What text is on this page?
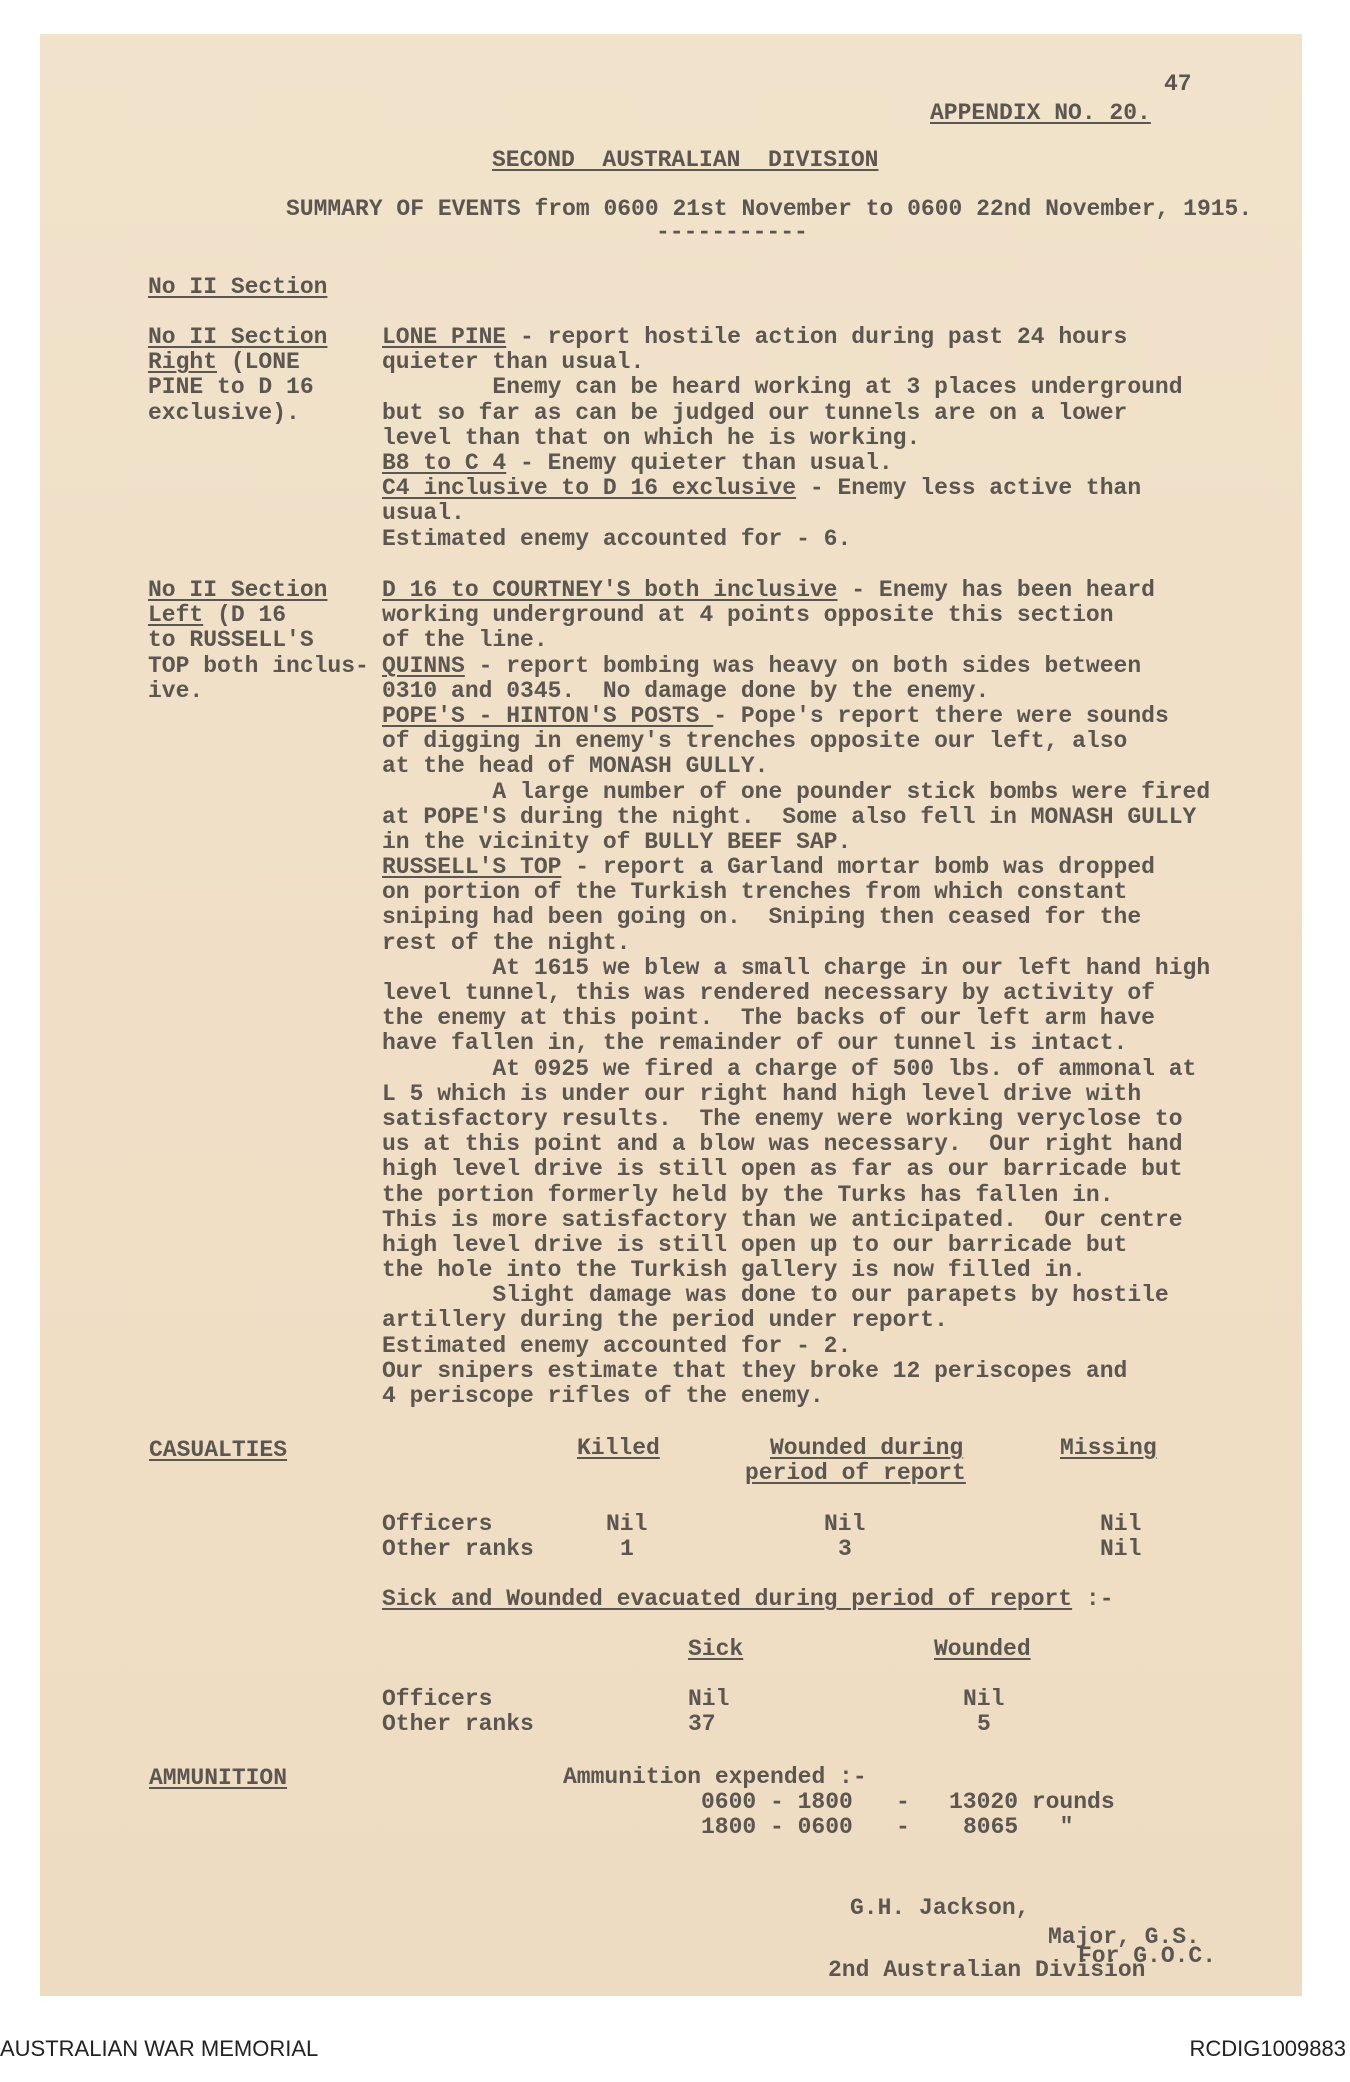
47
APPENDIX NO. 20.
SECOND  AUSTRALIAN  DIVISION
SUMMARY OF EVENTS from 0600 21st November to 0600 22nd November, 1915.
-----------
No II Section
No II Section
Right (LONE
PINE to D 16
exclusive).
LONE PINE - report hostile action during past 24 hours
quieter than usual.
Enemy can be heard working at 3 places underground
but so far as can be judged our tunnels are on a lower
level than that on which he is working.
B8 to C 4 - Enemy quieter than usual.
C4 inclusive to D 16 exclusive - Enemy less active than
usual.
Estimated enemy accounted for - 6.
No II Section
Left (D 16
to RUSSELL'S
TOP both inclus-
ive.
D 16 to COURTNEY'S both inclusive - Enemy has been heard
working underground at 4 points opposite this section
of the line.
QUINNS - report bombing was heavy on both sides between
0310 and 0345.  No damage done by the enemy.
POPE'S - HINTON'S POSTS - Pope's report there were sounds
of digging in enemy's trenches opposite our left, also
at the head of MONASH GULLY.
A large number of one pounder stick bombs were fired
at POPE'S during the night.  Some also fell in MONASH GULLY
in the vicinity of BULLY BEEF SAP.
RUSSELL'S TOP - report a Garland mortar bomb was dropped
on portion of the Turkish trenches from which constant
sniping had been going on.  Sniping then ceased for the
rest of the night.
At 1615 we blew a small charge in our left hand high
level tunnel, this was rendered necessary by activity of
the enemy at this point.  The backs of our left arm have
have fallen in, the remainder of our tunnel is intact.
At 0925 we fired a charge of 500 lbs. of ammonal at
L 5 which is under our right hand high level drive with
satisfactory results.  The enemy were working veryclose to
us at this point and a blow was necessary.  Our right hand
high level drive is still open as far as our barricade but
the portion formerly held by the Turks has fallen in.
This is more satisfactory than we anticipated.  Our centre
high level drive is still open up to our barricade but
the hole into the Turkish gallery is now filled in.
Slight damage was done to our parapets by hostile
artillery during the period under report.
Estimated enemy accounted for - 2.
Our snipers estimate that they broke 12 periscopes and
4 periscope rifles of the enemy.
CASUALTIES	Killed	Wounded during
period of report
Missing
Officers	Nil	Nil	Nil
Other ranks	1	3	Nil
Sick and Wounded evacuated during period of report :-
Sick	Wounded
Officers	Nil	Nil
Other ranks	37	5
AMMUNITION	Ammunition expended :-
0600 - 1800 - 13020 rounds
1800 - 0600 - 8065   "
G.H. Jackson,
Major, G.S.
For G.O.C.
2nd Australian Division
AUSTRALIAN WAR MEMORIAL	RCDIG1009883
